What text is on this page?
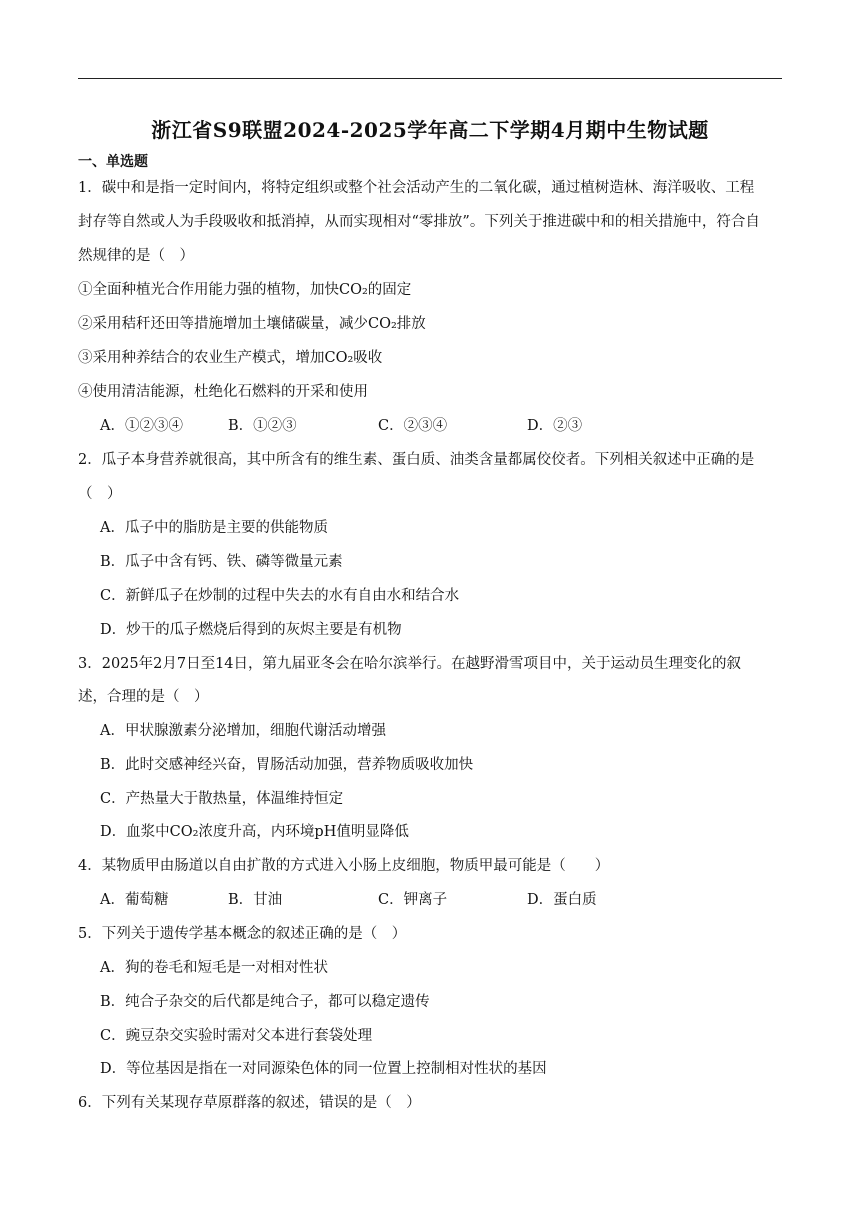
浙江省S9联盟2024-2025学年高二下学期4月期中生物试题
一、单选题
1．碳中和是指一定时间内，将特定组织或整个社会活动产生的二氧化碳，通过植树造林、海洋吸收、工程
封存等自然或人为手段吸收和抵消掉，从而实现相对“零排放”。下列关于推进碳中和的相关措施中，符合自
然规律的是（　）
①全面种植光合作用能力强的植物，加快CO₂的固定
②采用秸秆还田等措施增加土壤储碳量，减少CO₂排放
③采用种养结合的农业生产模式，增加CO₂吸收
④使用清洁能源，杜绝化石燃料的开采和使用
A．①②③④	B．①②③	C．②③④	D．②③
2．瓜子本身营养就很高，其中所含有的维生素、蛋白质、油类含量都属佼佼者。下列相关叙述中正确的是
（　）
A．瓜子中的脂肪是主要的供能物质
B．瓜子中含有钙、铁、磷等微量元素
C．新鲜瓜子在炒制的过程中失去的水有自由水和结合水
D．炒干的瓜子燃烧后得到的灰烬主要是有机物
3．2025年2月7日至14日，第九届亚冬会在哈尔滨举行。在越野滑雪项目中，关于运动员生理变化的叙
述，合理的是（　）
A．甲状腺激素分泌增加，细胞代谢活动增强
B．此时交感神经兴奋，胃肠活动加强，营养物质吸收加快
C．产热量大于散热量，体温维持恒定
D．血浆中CO₂浓度升高，内环境pH值明显降低
4．某物质甲由肠道以自由扩散的方式进入小肠上皮细胞，物质甲最可能是（　　）
A．葡萄糖	B．甘油	C．钾离子	D．蛋白质
5．下列关于遗传学基本概念的叙述正确的是（　）
A．狗的卷毛和短毛是一对相对性状
B．纯合子杂交的后代都是纯合子，都可以稳定遗传
C．豌豆杂交实验时需对父本进行套袋处理
D．等位基因是指在一对同源染色体的同一位置上控制相对性状的基因
6．下列有关某现存草原群落的叙述，错误的是（　）
